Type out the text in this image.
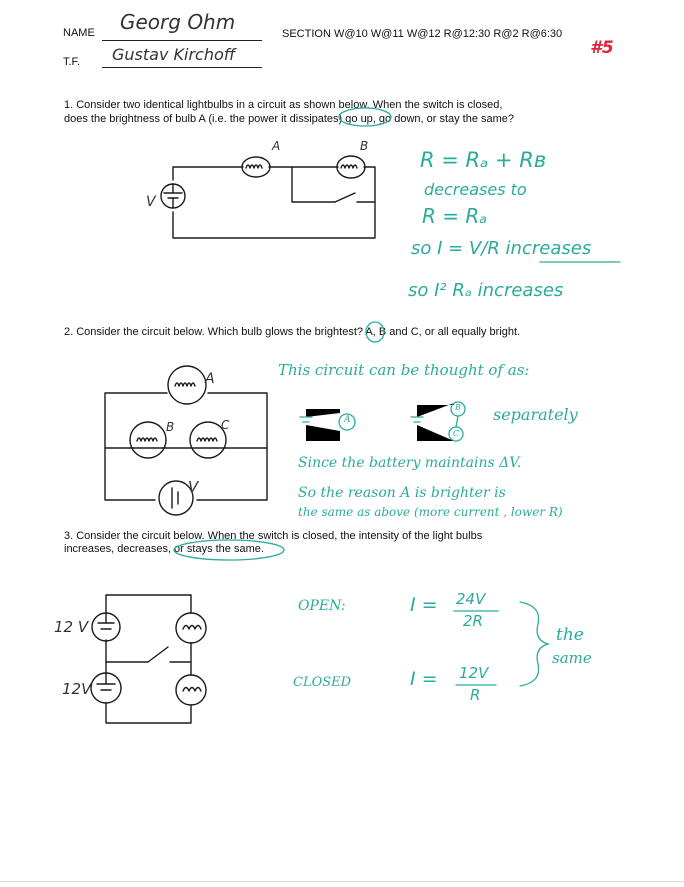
NAME Georg Ohm	SECTION W@10 W@11 W@12 R@12:30 R@2 R@6:30
#5
T.F. Gustav Kirchoff
1. Consider two identical lightbulbs in a circuit as shown below. When the switch is closed,
does the brightness of bulb A (i.e. the power it dissipates) go up, go down, or stay the same?
A	B
V
R = Rₐ + Rʙ
decreases to
R = Rₐ
so I = V/R increases
so I² Rₐ increases
2. Consider the circuit below. Which bulb glows the brightest? A, B and C, or all equally bright.
A
B	C
V
This circuit can be thought of as:
A
B
C
separately
Since the battery maintains ΔV.
So the reason A is brighter is
the same as above (more current , lower R)
3. Consider the circuit below. When the switch is closed, the intensity of the light bulbs
increases, decreases, or stays the same.
12 V
12V
OPEN:	I = 24V
2R
CLOSED	I = 12V
R
the
same
